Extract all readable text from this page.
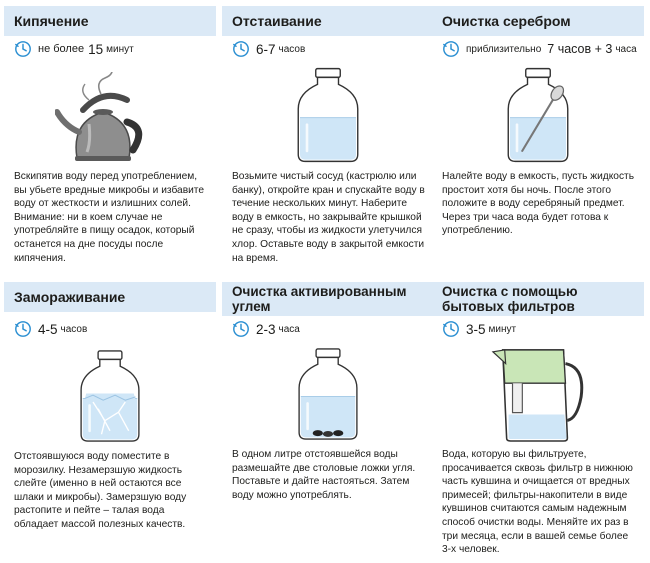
Кипячение
не более 15 минут
Вскипятив воду перед употреблением, вы убьете вредные микробы и избавите воду от жесткости и излишних солей. Внимание: ни в коем случае не употребляйте в пищу осадок, который останется на дне посуды после кипячения.
Отстаивание
6-7 часов
Возьмите чистый сосуд (кастрюлю или банку), откройте кран и спускайте воду в течение нескольких минут. Наберите воду в емкость, но закрывайте крышкой не сразу, чтобы из жидкости улетучился хлор. Оставьте воду в закрытой емкости на время.
Очистка серебром
приблизительно 7 часов + 3 часа
Налейте воду в емкость, пусть жидкость простоит хотя бы ночь. После этого положите в воду серебряный предмет. Через три часа вода будет готова к употреблению.
Замораживание
4-5 часов
Отстоявшуюся воду поместите в морозилку. Незамерзшую жидкость слейте (именно в ней остаются все шлаки и микробы). Замерзшую воду растопите и пейте – талая вода обладает массой полезных качеств.
Очистка активированным углем
2-3 часа
В одном литре отстоявшейся воды размешайте две столовые ложки угля. Поставьте и дайте настояться. Затем воду можно употреблять.
Очистка с помощью бытовых фильтров
3-5 минут
Вода, которую вы фильтруете, просачивается сквозь фильтр в нижнюю часть кувшина и очищается от вредных примесей; фильтры-накопители в виде кувшинов считаются самым надежным способ очистки воды. Меняйте их раз в три месяца, если в вашей семье более 3-х человек.
